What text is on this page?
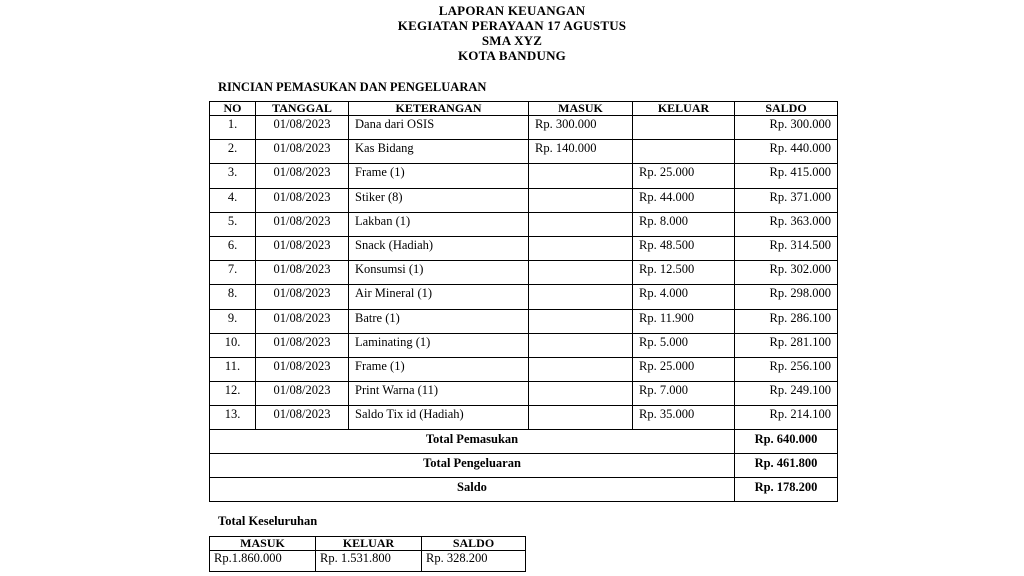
LAPORAN KEUANGAN
KEGIATAN PERAYAAN 17 AGUSTUS
SMA XYZ
KOTA BANDUNG
RINCIAN PEMASUKAN DAN PENGELUARAN
NO	TANGGAL	KETERANGAN	MASUK	KELUAR	SALDO
1.	01/08/2023	Dana dari OSIS	Rp. 300.000		Rp. 300.000
2.	01/08/2023	Kas Bidang	Rp. 140.000		Rp. 440.000
3.	01/08/2023	Frame (1)		Rp. 25.000	Rp. 415.000
4.	01/08/2023	Stiker (8)		Rp. 44.000	Rp. 371.000
5.	01/08/2023	Lakban (1)		Rp. 8.000	Rp. 363.000
6.	01/08/2023	Snack (Hadiah)		Rp. 48.500	Rp. 314.500
7.	01/08/2023	Konsumsi (1)		Rp. 12.500	Rp. 302.000
8.	01/08/2023	Air Mineral (1)		Rp. 4.000	Rp. 298.000
9.	01/08/2023	Batre (1)		Rp. 11.900	Rp. 286.100
10.	01/08/2023	Laminating (1)		Rp. 5.000	Rp. 281.100
11.	01/08/2023	Frame (1)		Rp. 25.000	Rp. 256.100
12.	01/08/2023	Print Warna (11)		Rp. 7.000	Rp. 249.100
13.	01/08/2023	Saldo Tix id (Hadiah)		Rp. 35.000	Rp. 214.100
Total Pemasukan					Rp. 640.000
Total Pengeluaran					Rp. 461.800
Saldo					Rp. 178.200
Total Keseluruhan
MASUK	KELUAR	SALDO
Rp.1.860.000	Rp. 1.531.800	Rp. 328.200
